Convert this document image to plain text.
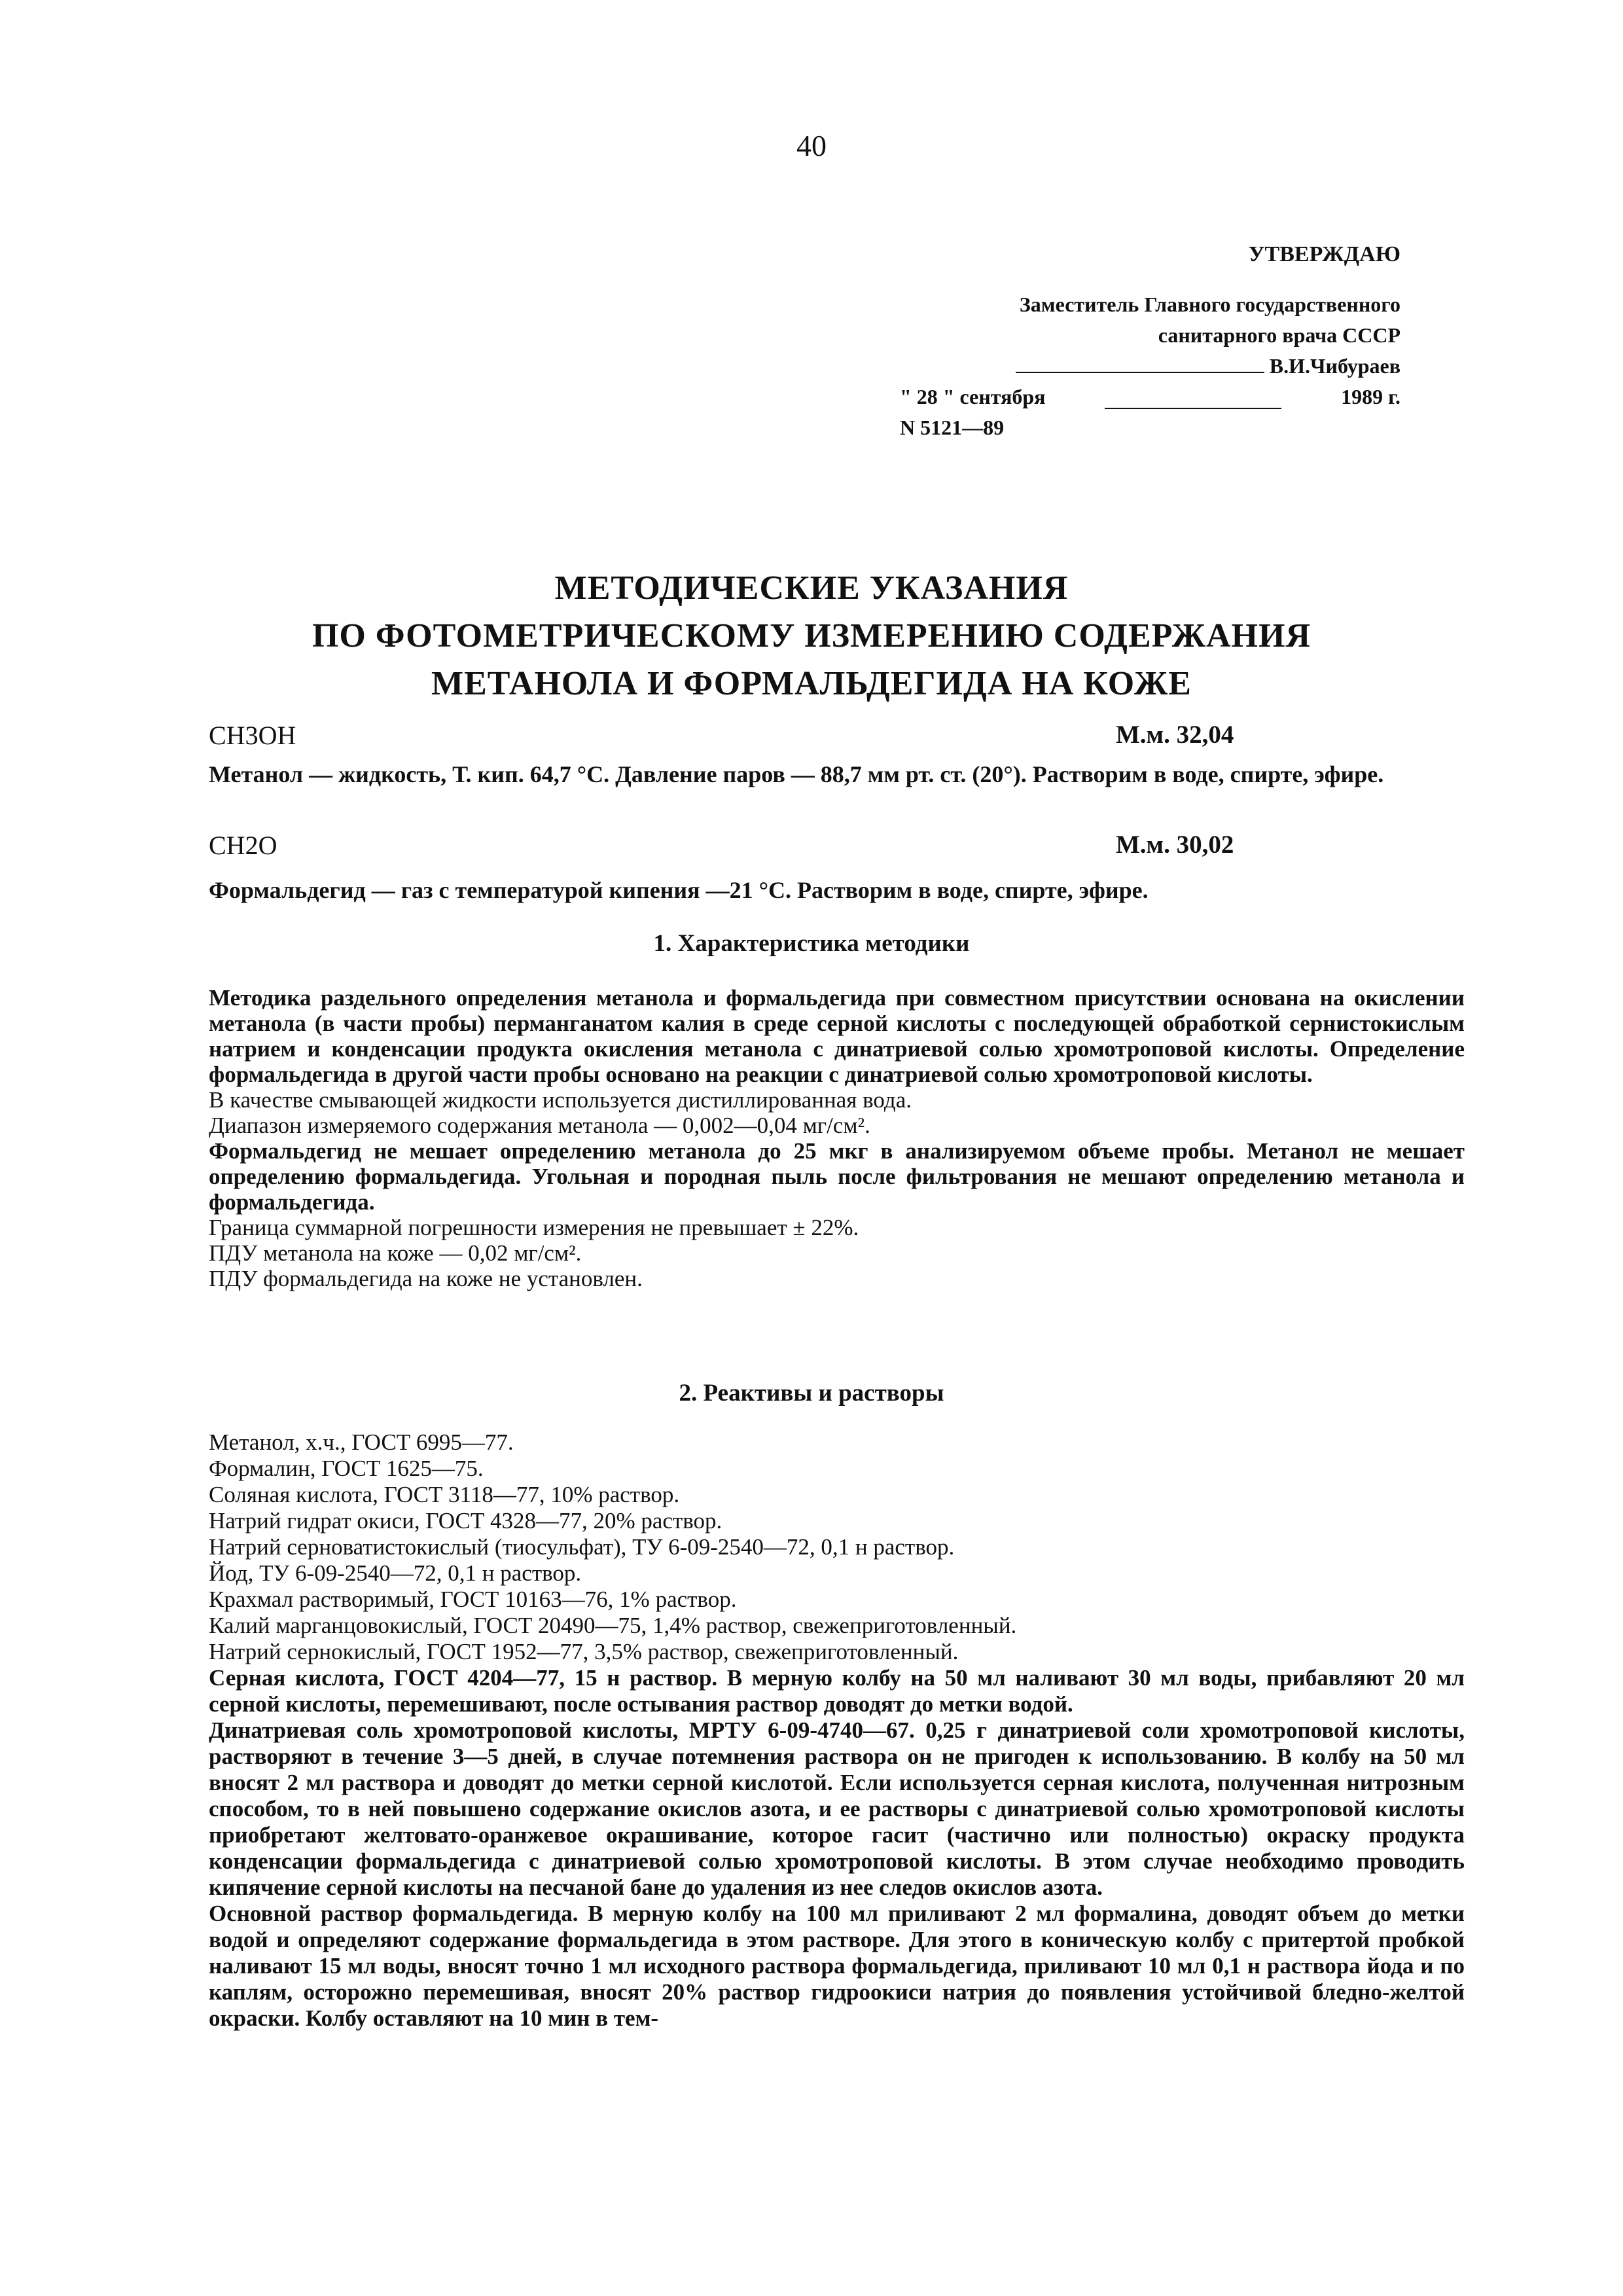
40
УТВЕРЖДАЮ
Заместитель Главного государственного
санитарного врача СССР
В.И.Чибураев
" 28 " сентября	1989 г.
N 5121—89
МЕТОДИЧЕСКИЕ УКАЗАНИЯ
ПО ФОТОМЕТРИЧЕСКОМУ ИЗМЕРЕНИЮ СОДЕРЖАНИЯ
МЕТАНОЛА И ФОРМАЛЬДЕГИДА НА КОЖЕ
CH3OH	М.м. 32,04
Метанол — жидкость, Т. кип. 64,7 °С. Давление паров — 88,7 мм рт. ст. (20°). Растворим в воде, спирте, эфире.
CH2O	М.м. 30,02
Формальдегид — газ с температурой кипения —21 °С. Растворим в воде, спирте, эфире.
1. Характеристика методики

Методика раздельного определения метанола и формальдегида при совместном присутствии основана на окислении метанола (в части пробы) перманганатом калия в среде серной кислоты с последующей обработкой сернистокислым натрием и конденсации продукта окисления метанола с динатриевой солью хромотроповой кислоты. Определение формальдегида в другой части пробы основано на реакции с динатриевой солью хромотроповой кислоты.

В качестве смывающей жидкости используется дистиллированная вода.

Диапазон измеряемого содержания метанола — 0,002—0,04 мг/см².

Формальдегид не мешает определению метанола до 25 мкг в анализируемом объеме пробы. Метанол не мешает определению формальдегида. Угольная и породная пыль после фильтрования не мешают определению метанола и формальдегида.

Граница суммарной погрешности измерения не превышает ± 22%.

ПДУ метанола на коже — 0,02 мг/см².

ПДУ формальдегида на коже не установлен.

2. Реактивы и растворы
Метанол, х.ч., ГОСТ 6995—77.
Формалин, ГОСТ 1625—75.
Соляная кислота, ГОСТ 3118—77, 10% раствор.
Натрий гидрат окиси, ГОСТ 4328—77, 20% раствор.
Натрий серноватистокислый (тиосульфат), ТУ 6-09-2540—72, 0,1 н раствор.
Йод, ТУ 6-09-2540—72, 0,1 н раствор.
Крахмал растворимый, ГОСТ 10163—76, 1% раствор.
Калий марганцовокислый, ГОСТ 20490—75, 1,4% раствор, свежеприготовленный.
Натрий сернокислый, ГОСТ 1952—77, 3,5% раствор, свежеприготовленный.

Серная кислота, ГОСТ 4204—77, 15 н раствор. В мерную колбу на 50 мл наливают 30 мл воды, прибавляют 20 мл серной кислоты, перемешивают, после остывания раствор доводят до метки водой.

Динатриевая соль хромотроповой кислоты, МРТУ 6-09-4740—67. 0,25 г динатриевой соли хромотроповой кислоты, растворяют в течение 3—5 дней, в случае потемнения раствора он не пригоден к использованию. В колбу на 50 мл вносят 2 мл раствора и доводят до метки серной кислотой. Если используется серная кислота, полученная нитрозным способом, то в ней повышено содержание окислов азота, и ее растворы с динатриевой солью хромотроповой кислоты приобретают желтовато-оранжевое окрашивание, которое гасит (частично или полностью) окраску продукта конденсации формальдегида с динатриевой солью хромотроповой кислоты. В этом случае необходимо проводить кипячение серной кислоты на песчаной бане до удаления из нее следов окислов азота.

Основной раствор формальдегида. В мерную колбу на 100 мл приливают 2 мл формалина, доводят объем до метки водой и определяют содержание формальдегида в этом растворе. Для этого в коническую колбу с притертой пробкой наливают 15 мл воды, вносят точно 1 мл исходного раствора формальдегида, приливают 10 мл 0,1 н раствора йода и по каплям, осторожно перемешивая, вносят 20% раствор гидроокиси натрия до появления устойчивой бледно-желтой окраски. Колбу оставляют на 10 мин в тем-
